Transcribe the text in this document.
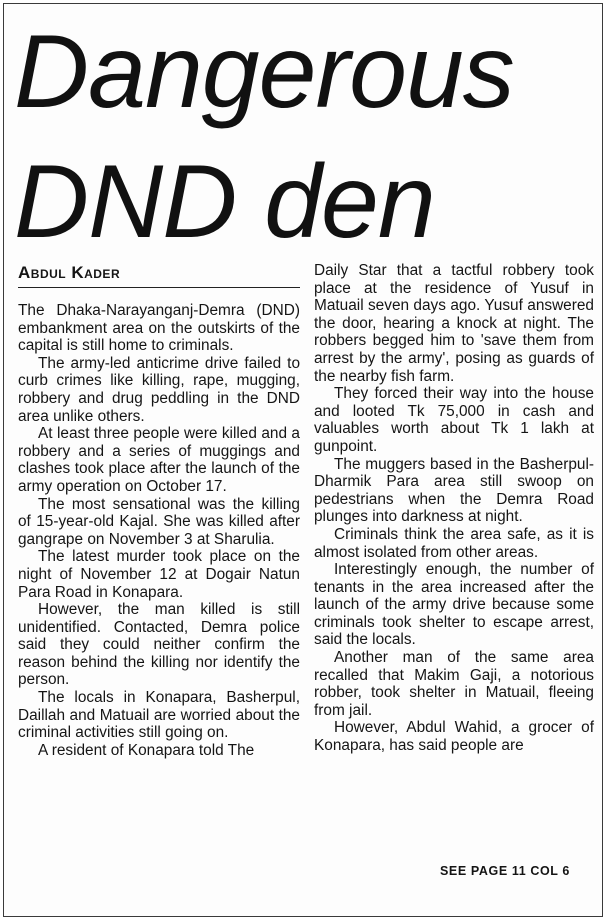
Dangerous
DND den
Abdul Kader

The Dhaka-Narayanganj-Demra (DND) embankment area on the outskirts of the capital is still home to criminals.

The army-led anticrime drive failed to curb crimes like killing, rape, mugging, robbery and drug peddling in the DND area unlike others.

At least three people were killed and a robbery and a series of muggings and clashes took place after the launch of the army operation on October 17.

The most sensational was the killing of 15-year-old Kajal. She was killed after gangrape on November 3 at Sharulia.

The latest murder took place on the night of November 12 at Dogair Natun Para Road in Konapara.

However, the man killed is still unidentified. Contacted, Demra police said they could neither confirm the reason behind the killing nor identify the person.

The locals in Konapara, Basherpul, Daillah and Matuail are worried about the criminal activities still going on.

A resident of Konapara told The

Daily Star that a tactful robbery took place at the residence of Yusuf in Matuail seven days ago. Yusuf answered the door, hearing a knock at night. The robbers begged him to 'save them from arrest by the army', posing as guards of the nearby fish farm.

They forced their way into the house and looted Tk 75,000 in cash and valuables worth about Tk 1 lakh at gunpoint.

The muggers based in the Basherpul-Dharmik Para area still swoop on pedestrians when the Demra Road plunges into darkness at night.

Criminals think the area safe, as it is almost isolated from other areas.

Interestingly enough, the number of tenants in the area increased after the launch of the army drive because some criminals took shelter to escape arrest, said the locals.

Another man of the same area recalled that Makim Gaji, a notorious robber, took shelter in Matuail, fleeing from jail.

However, Abdul Wahid, a grocer of Konapara, has said people are

SEE PAGE 11 COL 6
